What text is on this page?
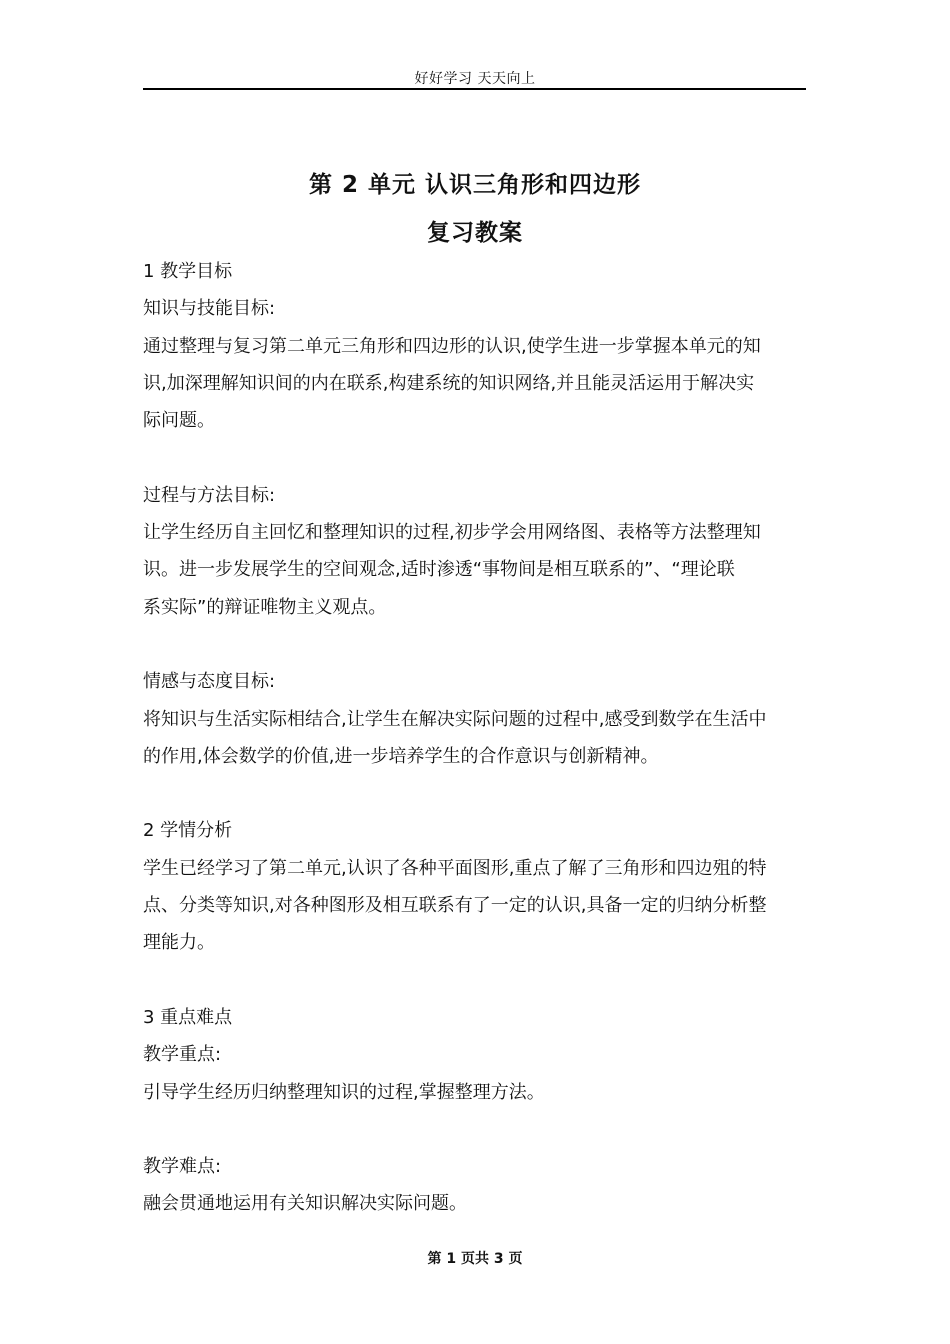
好好学习 天天向上
第 2 单元 认识三角形和四边形
复习教案
1 教学目标
知识与技能目标:
通过整理与复习第二单元三角形和四边形的认识,使学生进一步掌握本单元的知
识,加深理解知识间的内在联系,构建系统的知识网络,并且能灵活运用于解决实
际问题。
过程与方法目标:
让学生经历自主回忆和整理知识的过程,初步学会用网络图、表格等方法整理知
识。进一步发展学生的空间观念,适时渗透“事物间是相互联系的”、“理论联
系实际”的辩证唯物主义观点。
情感与态度目标:
将知识与生活实际相结合,让学生在解决实际问题的过程中,感受到数学在生活中
的作用,体会数学的价值,进一步培养学生的合作意识与创新精神。
2 学情分析
学生已经学习了第二单元,认识了各种平面图形,重点了解了三角形和四边殂的特
点、分类等知识,对各种图形及相互联系有了一定的认识,具备一定的归纳分析整
理能力。
3 重点难点
教学重点:
引导学生经历归纳整理知识的过程,掌握整理方法。
教学难点:
融会贯通地运用有关知识解决实际问题。
第 1 页共 3 页
